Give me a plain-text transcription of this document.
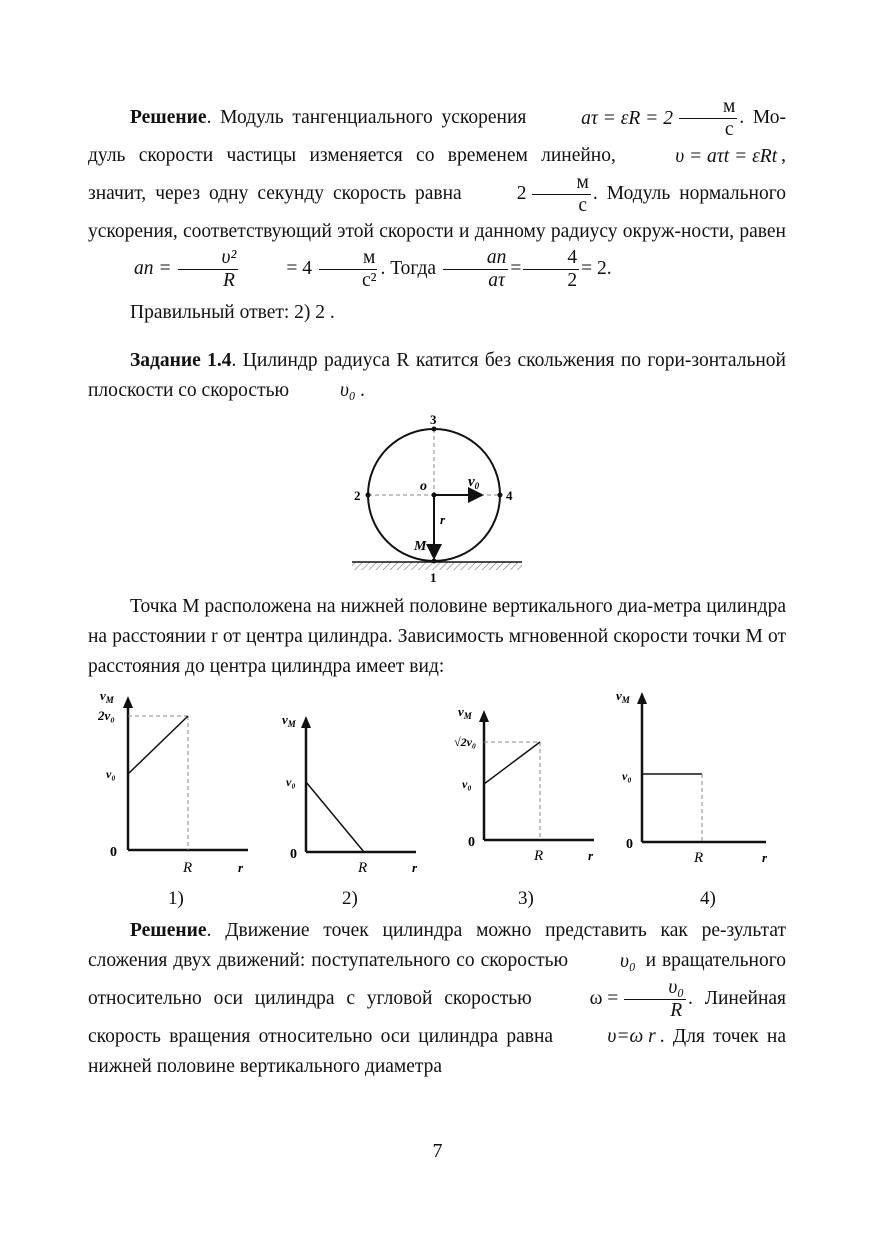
Решение. Модуль тангенциального ускорения	$a\tau = \varepsilon R = 2 \frac{м}{с}$ . Мо-дуль скорости частицы изменяется со временем линейно,	υ = aτt = εRt , значит, через одну секунду скорость равна	$2 \frac{м}{с}$ . Модуль нормального ускорения, соответствующий этой скорости и данному радиусу окруж-ности, равен an = $\frac{\text{υ²}}{R} = 4 \frac{м}{\text{с²}}$ . Тогда $\frac{an}{a\tau} = \frac{4}{2} = 2$.

Правильный ответ: 2) 2 .

Задание 1.4. Цилиндр радиуса R катится без скольжения по гори-зонтальной плоскости со скоростью	υ₀ .

3
2	4
1
o
M
$v_0$
r

Точка M расположена на нижней половине вертикального диа-метра цилиндра на расстоянии r от центра цилиндра. Зависимость мгновенной скорости точки M от расстояния до центра цилиндра имеет вид:

$v_M$
2v₀
v₀
0
R	r
1)
$v_M$
v₀
0
R	r
2)
$v_M$
√2v₀
v₀
0
R	r
3)
$v_M$
v₀
0
R	r
4)

Решение. Движение точек цилиндра можно представить как ре-зультат сложения двух движений: поступательного со скоростью	υ₀ и вращательного относительно оси цилиндра с угловой скоростью	$\omega = \frac{\text{υ₀}}{R}$ . Линейная скорость вращения относительно оси цилиндра равна	υ=ω r . Для точек на нижней половине вертикального диаметра

7
